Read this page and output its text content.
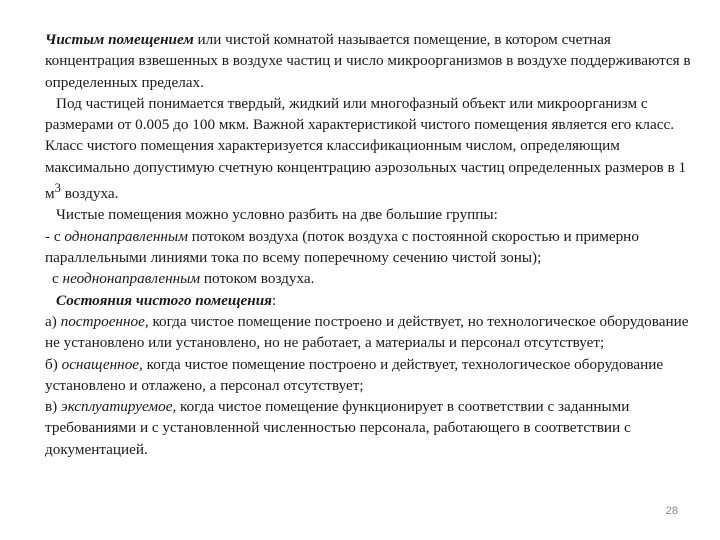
Чистым помещением или чистой комнатой называется помещение, в котором счетная концентрация взвешенных в воздухе частиц и число микроорганизмов в воздухе поддерживаются в определенных пределах.

Под частицей понимается твердый, жидкий или многофазный объект или микроорганизм с размерами от 0.005 до 100 мкм. Важной характеристикой чистого помещения является его класс. Класс чистого помещения характеризуется классификационным числом, определяющим максимально допустимую счетную концентрацию аэрозольных частиц определенных размеров в 1 $м^3$ воздуха.

Чистые помещения можно условно разбить на две большие группы:

- с однонаправленным потоком воздуха (поток воздуха с постоянной скоростью и примерно параллельными линиями тока по всему поперечному сечению чистой зоны);

с неоднонаправленным потоком воздуха.

Состояния чистого помещения:

а) построенное, когда чистое помещение построено и действует, но технологическое оборудование не установлено или установлено, но не работает, а материалы и персонал отсутствует;

б) оснащенное, когда чистое помещение построено и действует, технологическое оборудование установлено и отлажено, а персонал отсутствует;

в) эксплуатируемое, когда чистое помещение функционирует в соответствии с заданными требованиями и с установленной численностью персонала, работающего в соответствии с документацией.

28
